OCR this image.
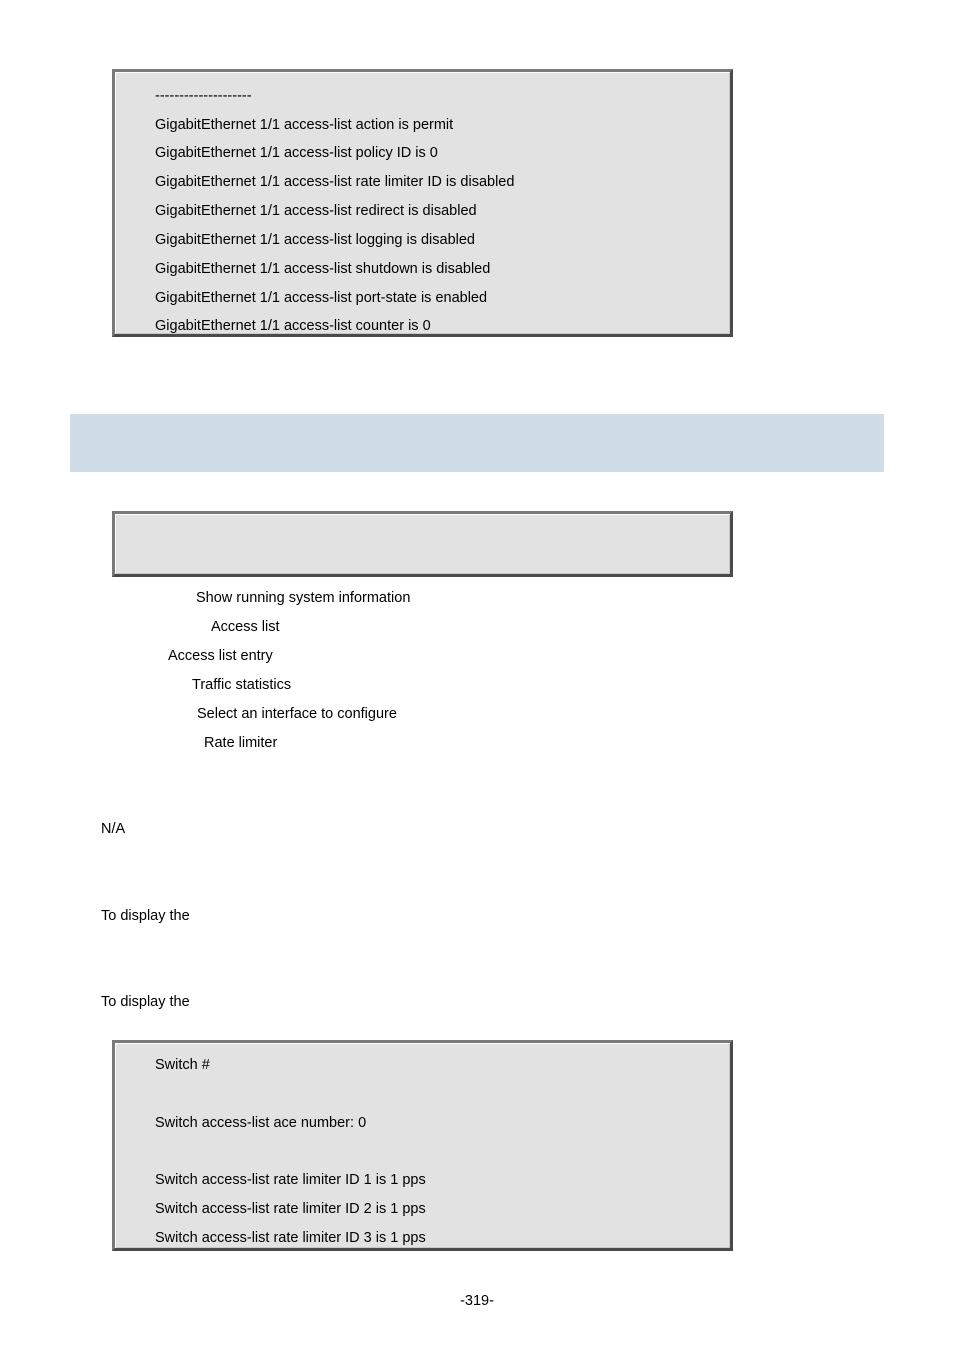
--------------------
GigabitEthernet 1/1 access-list action is permit
GigabitEthernet 1/1 access-list policy ID is 0
GigabitEthernet 1/1 access-list rate limiter ID is disabled
GigabitEthernet 1/1 access-list redirect is disabled
GigabitEthernet 1/1 access-list logging is disabled
GigabitEthernet 1/1 access-list shutdown is disabled
GigabitEthernet 1/1 access-list port-state is enabled
GigabitEthernet 1/1 access-list counter is 0
Show running system information
Access list
Access list entry
Traffic statistics
Select an interface to configure
Rate limiter
N/A
To display the
To display the
Switch #
Switch access-list ace number: 0
Switch access-list rate limiter ID 1 is 1 pps
Switch access-list rate limiter ID 2 is 1 pps
Switch access-list rate limiter ID 3 is 1 pps
-319-
